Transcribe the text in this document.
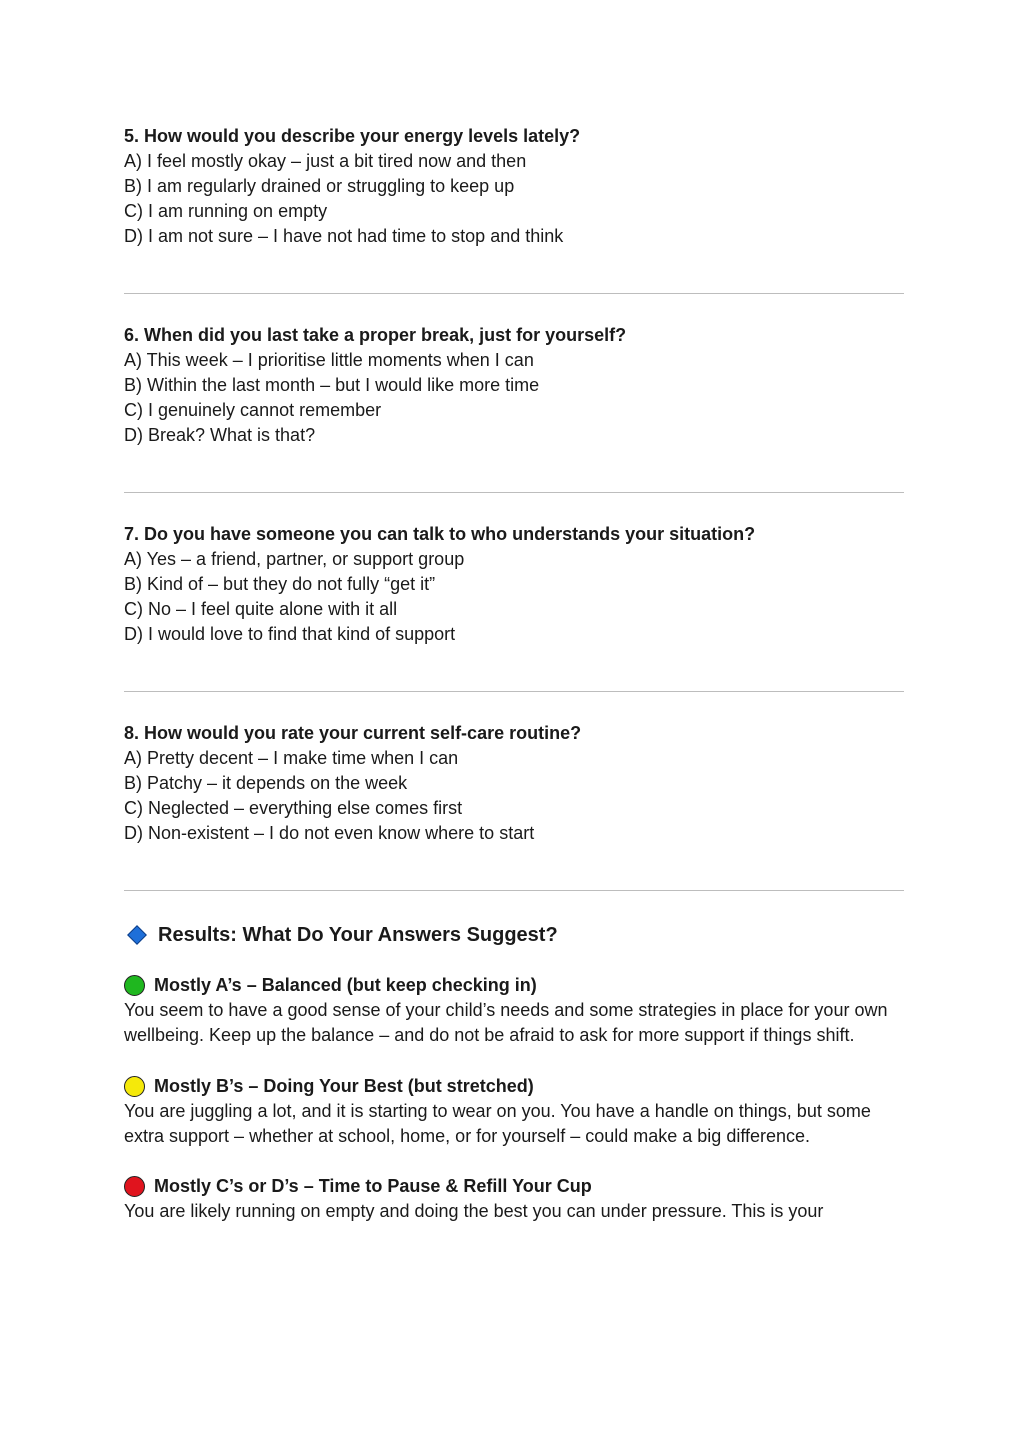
5. How would you describe your energy levels lately?

A) I feel mostly okay – just a bit tired now and then

B) I am regularly drained or struggling to keep up

C) I am running on empty

D) I am not sure – I have not had time to stop and think

6. When did you last take a proper break, just for yourself?

A) This week – I prioritise little moments when I can

B) Within the last month – but I would like more time

C) I genuinely cannot remember

D) Break? What is that?

7. Do you have someone you can talk to who understands your situation?

A) Yes – a friend, partner, or support group

B) Kind of – but they do not fully “get it”

C) No – I feel quite alone with it all

D) I would love to find that kind of support

8. How would you rate your current self-care routine?

A) Pretty decent – I make time when I can

B) Patchy – it depends on the week

C) Neglected – everything else comes first

D) Non-existent – I do not even know where to start

Results: What Do Your Answers Suggest?
Mostly A’s – Balanced (but keep checking in)

You seem to have a good sense of your child’s needs and some strategies in place for your own wellbeing. Keep up the balance – and do not be afraid to ask for more support if things shift.

Mostly B’s – Doing Your Best (but stretched)

You are juggling a lot, and it is starting to wear on you. You have a handle on things, but some extra support – whether at school, home, or for yourself – could make a big difference.

Mostly C’s or D’s – Time to Pause & Refill Your Cup

You are likely running on empty and doing the best you can under pressure. This is your
